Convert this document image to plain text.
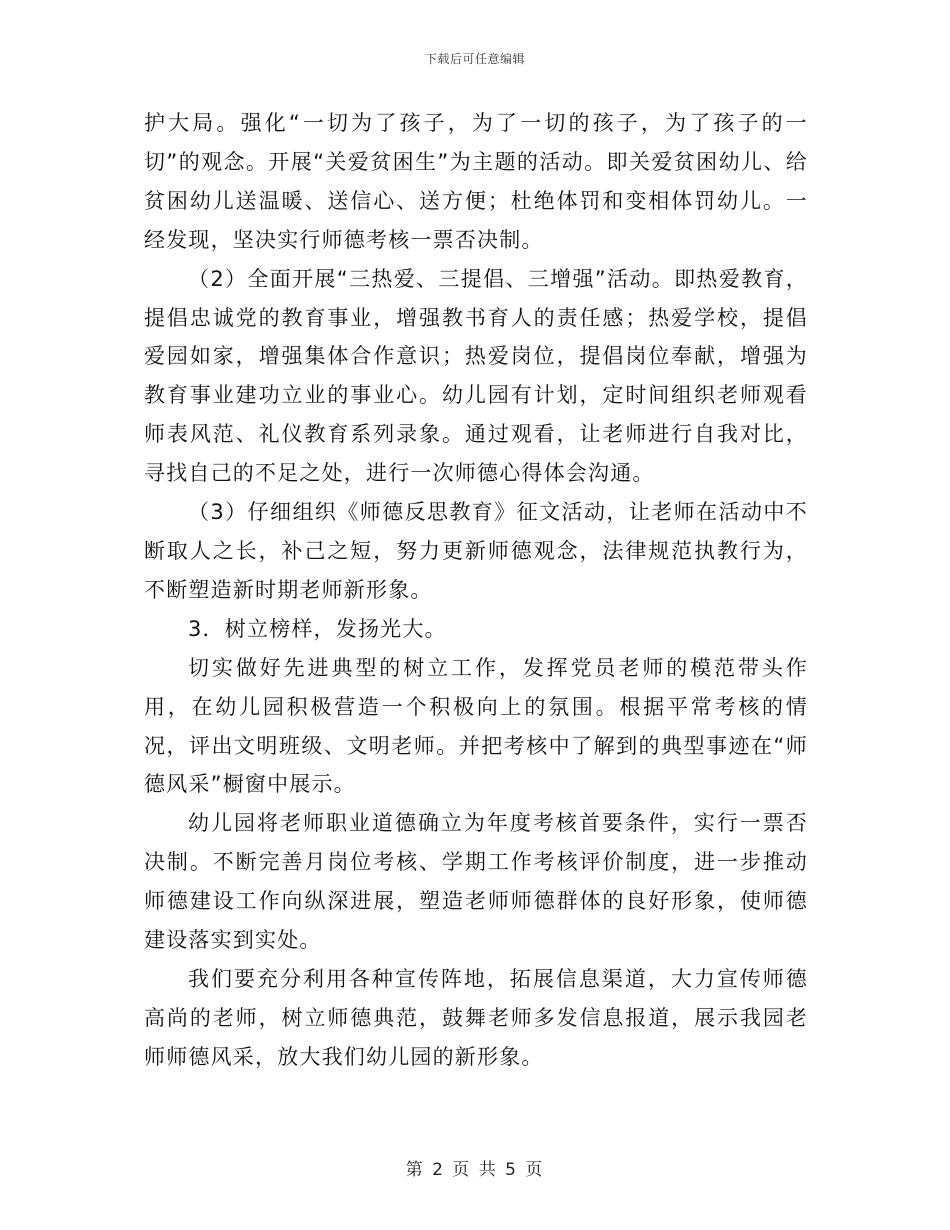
下载后可任意编辑

护大局。强化“一切为了孩子，为了一切的孩子，为了孩子的一切”的观念。开展“关爱贫困生”为主题的活动。即关爱贫困幼儿、给贫困幼儿送温暖、送信心、送方便；杜绝体罚和变相体罚幼儿。一经发现，坚决实行师德考核一票否决制。

（2）全面开展“三热爱、三提倡、三增强”活动。即热爱教育，提倡忠诚党的教育事业，增强教书育人的责任感；热爱学校，提倡爱园如家，增强集体合作意识；热爱岗位，提倡岗位奉献，增强为教育事业建功立业的事业心。幼儿园有计划，定时间组织老师观看师表风范、礼仪教育系列录象。通过观看，让老师进行自我对比，寻找自己的不足之处，进行一次师德心得体会沟通。

（3）仔细组织《师德反思教育》征文活动，让老师在活动中不断取人之长，补己之短，努力更新师德观念，法律规范执教行为，不断塑造新时期老师新形象。

3．树立榜样，发扬光大。

切实做好先进典型的树立工作，发挥党员老师的模范带头作用，在幼儿园积极营造一个积极向上的氛围。根据平常考核的情况，评出文明班级、文明老师。并把考核中了解到的典型事迹在“师德风采”橱窗中展示。

幼儿园将老师职业道德确立为年度考核首要条件，实行一票否决制。不断完善月岗位考核、学期工作考核评价制度，进一步推动师德建设工作向纵深进展，塑造老师师德群体的良好形象，使师德建设落实到实处。

我们要充分利用各种宣传阵地，拓展信息渠道，大力宣传师德高尚的老师，树立师德典范，鼓舞老师多发信息报道，展示我园老师师德风采，放大我们幼儿园的新形象。

第 2 页 共 5 页
